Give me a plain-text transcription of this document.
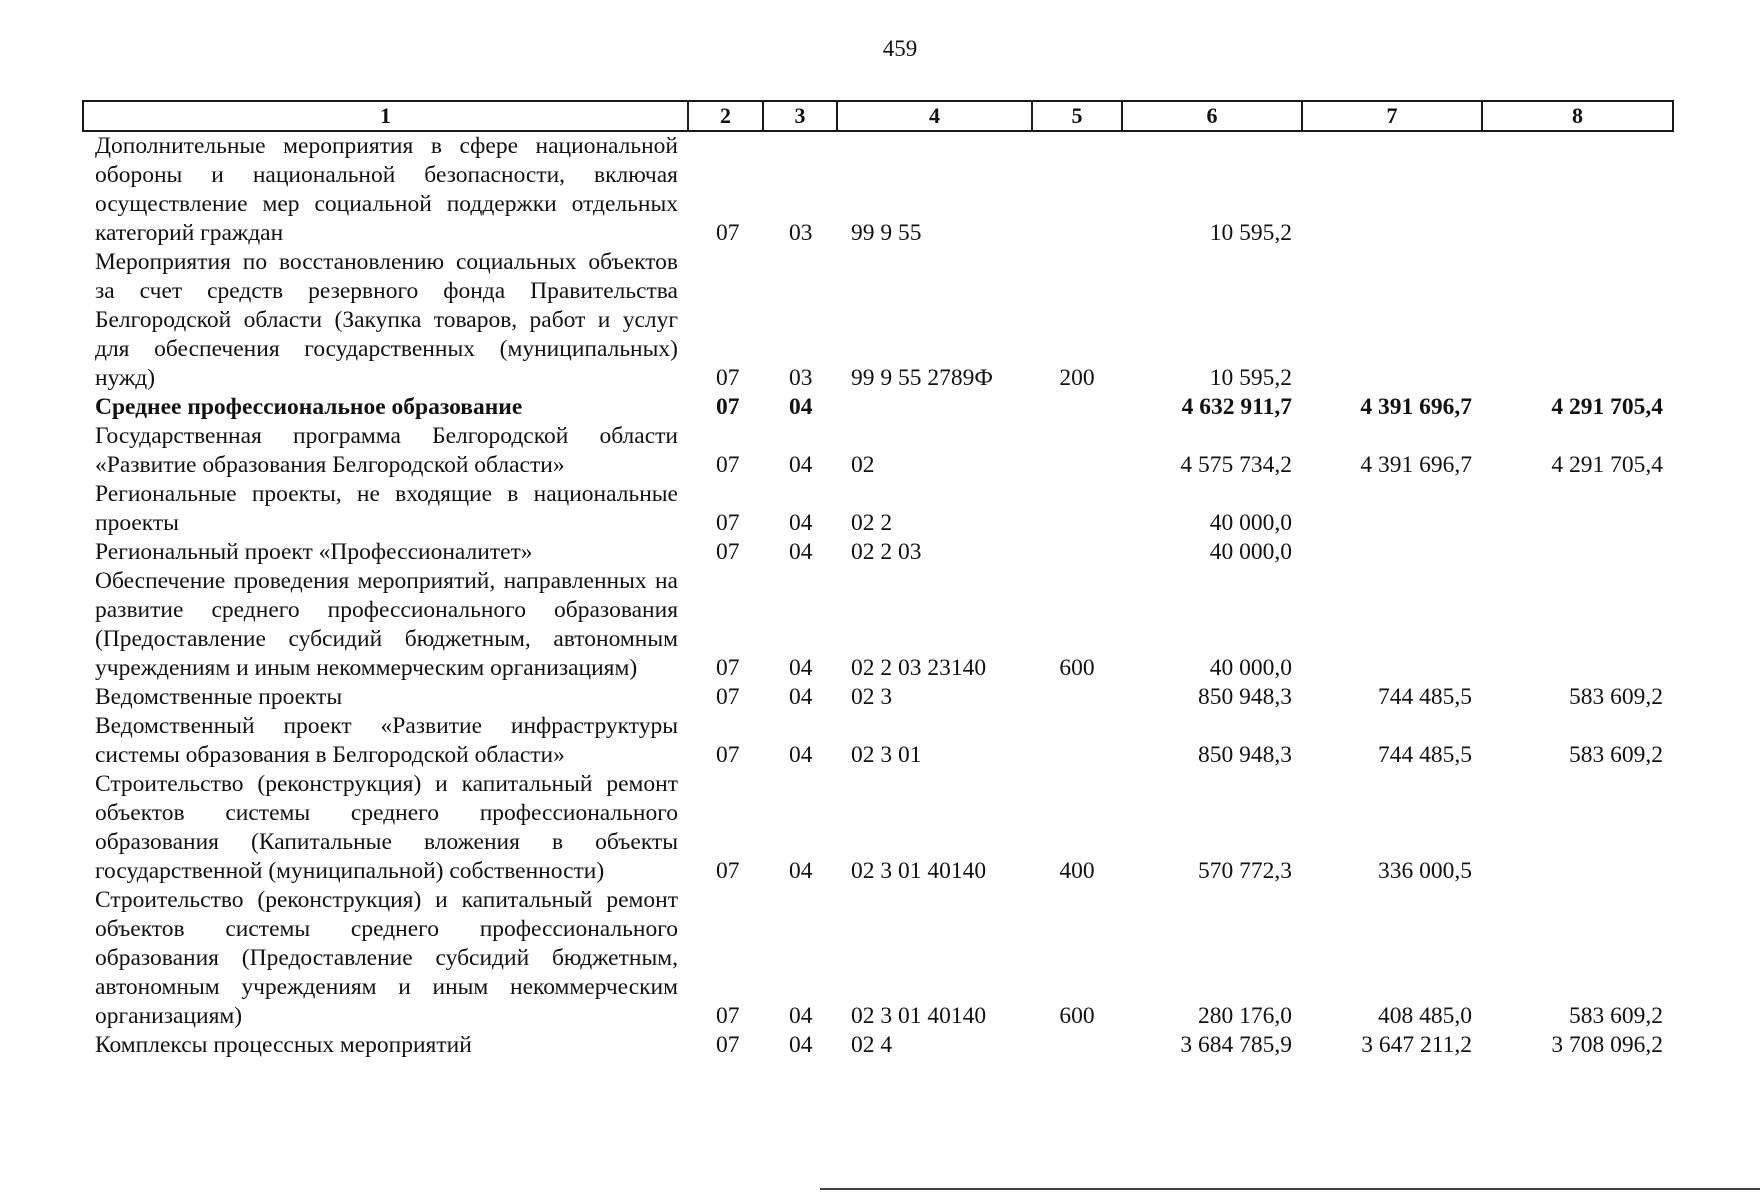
459
1	2	3	4	5	6	7	8
Дополнительные мероприятия в сфере национальной обороны и национальной безопасности, включая осуществление мер социальной поддержки отдельных категорий граждан	07	03	99 9 55		10 595,2		
Мероприятия по восстановлению социальных объектов за счет средств резервного фонда Правительства Белгородской области (Закупка товаров, работ и услуг для обеспечения государственных (муниципальных) нужд)	07	03	99 9 55 2789Ф	200	10 595,2		
Среднее профессиональное образование	07	04			4 632 911,7	4 391 696,7	4 291 705,4
Государственная программа Белгородской области «Развитие образования Белгородской области»	07	04	02		4 575 734,2	4 391 696,7	4 291 705,4
Региональные проекты, не входящие в национальные проекты	07	04	02 2		40 000,0		
Региональный проект «Профессионалитет»	07	04	02 2 03		40 000,0		
Обеспечение проведения мероприятий, направленных на развитие среднего профессионального образования (Предоставление субсидий бюджетным, автономным учреждениям и иным некоммерческим организациям)	07	04	02 2 03 23140	600	40 000,0		
Ведомственные проекты	07	04	02 3		850 948,3	744 485,5	583 609,2
Ведомственный проект «Развитие инфраструктуры системы образования в Белгородской области»	07	04	02 3 01		850 948,3	744 485,5	583 609,2
Строительство (реконструкция) и капитальный ремонт объектов системы среднего профессионального образования (Капитальные вложения в объекты государственной (муниципальной) собственности)	07	04	02 3 01 40140	400	570 772,3	336 000,5	
Строительство (реконструкция) и капитальный ремонт объектов системы среднего профессионального образования (Предоставление субсидий бюджетным, автономным учреждениям и иным некоммерческим организациям)	07	04	02 3 01 40140	600	280 176,0	408 485,0	583 609,2
Комплексы процессных мероприятий	07	04	02 4		3 684 785,9	3 647 211,2	3 708 096,2
